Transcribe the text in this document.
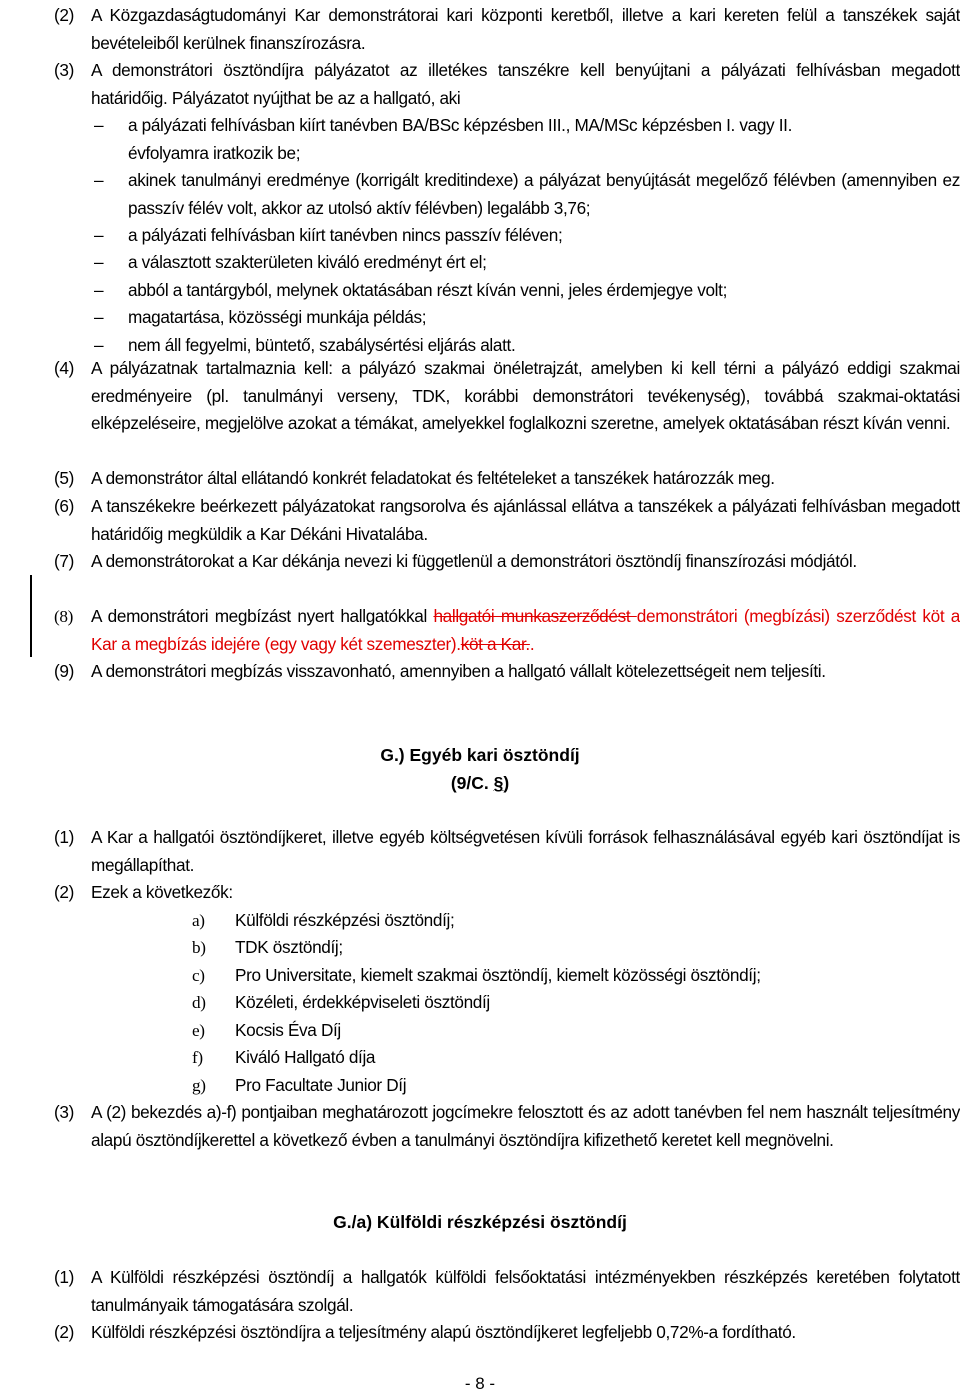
(2) A Közgazdaságtudományi Kar demonstrátorai kari központi keretből, illetve a kari kereten felül a tanszékek saját bevételeiből kerülnek finanszírozásra.
(3) A demonstrátori ösztöndíjra pályázatot az illetékes tanszékre kell benyújtani a pályázati felhívásban megadott határidőig. Pályázatot nyújthat be az a hallgató, aki
– a pályázati felhívásban kiírt tanévben BA/BSc képzésben III., MA/MSc képzésben I. vagy II.
évfolyamra iratkozik be;
– akinek tanulmányi eredménye (korrigált kreditindexe) a pályázat benyújtását megelőző félévben (amennyiben ez passzív félév volt, akkor az utolsó aktív félévben) legalább 3,76;
– a pályázati felhívásban kiírt tanévben nincs passzív féléven;
– a választott szakterületen kiváló eredményt ért el;
– abból a tantárgyból, melynek oktatásában részt kíván venni, jeles érdemjegye volt;
– magatartása, közösségi munkája példás;
– nem áll fegyelmi, büntető, szabálysértési eljárás alatt.
(4) A pályázatnak tartalmaznia kell: a pályázó szakmai önéletrajzát, amelyben ki kell térni a pályázó eddigi szakmai eredményeire (pl. tanulmányi verseny, TDK, korábbi demonstrátori tevékenység), továbbá szakmai-oktatási elképzeléseire, megjelölve azokat a témákat, amelyekkel foglalkozni szeretne, amelyek oktatásában részt kíván venni.
(5) A demonstrátor által ellátandó konkrét feladatokat és feltételeket a tanszékek határozzák meg.
(6) A tanszékekre beérkezett pályázatokat rangsorolva és ajánlással ellátva a tanszékek a pályázati felhívásban megadott határidőig megküldik a Kar Dékáni Hivatalába.
(7) A demonstrátorokat a Kar dékánja nevezi ki függetlenül a demonstrátori ösztöndíj finanszírozási módjától.
(8) A demonstrátori megbízást nyert hallgatókkal hallgatói munkaszerződést demonstrátori (megbízási) szerződést köt a Kar a megbízás idejére (egy vagy két szemeszter).köt a Kar..
(9) A demonstrátori megbízás visszavonható, amennyiben a hallgató vállalt kötelezettségeit nem teljesíti.
G.) Egyéb kari ösztöndíj
(9/C. §)
(1) A Kar a hallgatói ösztöndíjkeret, illetve egyéb költségvetésen kívüli források felhasználásával egyéb kari ösztöndíjat is megállapíthat.
(2) Ezek a következők:
a) Külföldi részképzési ösztöndíj;
b) TDK ösztöndíj;
c) Pro Universitate, kiemelt szakmai ösztöndíj, kiemelt közösségi ösztöndíj;
d) Közéleti, érdekképviseleti ösztöndíj
e) Kocsis Éva Díj
f) Kiváló Hallgató díja
g) Pro Facultate Junior Díj
(3) A (2) bekezdés a)-f) pontjaiban meghatározott jogcímekre felosztott és az adott tanévben fel nem használt teljesítmény alapú ösztöndíjkerettel a következő évben a tanulmányi ösztöndíjra kifizethető keretet kell megnövelni.
G./a) Külföldi részképzési ösztöndíj
(1) A Külföldi részképzési ösztöndíj a hallgatók külföldi felsőoktatási intézményekben részképzés keretében folytatott tanulmányaik támogatására szolgál.
(2) Külföldi részképzési ösztöndíjra a teljesítmény alapú ösztöndíjkeret legfeljebb 0,72%-a fordítható.
- 8 -
